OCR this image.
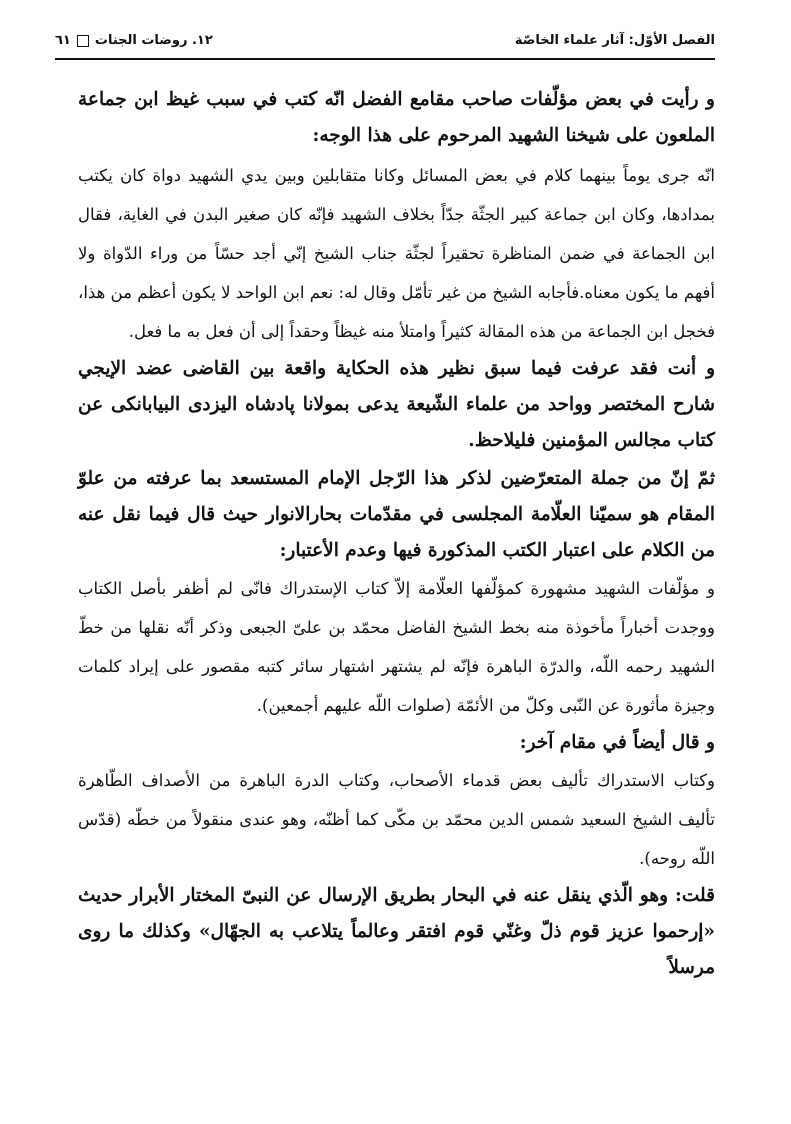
الفصل الأوّل: آثار علماء الخاصّة
١٢. روضات الجنات٦١

و رأيت في بعض مؤلّفات صاحب مقامع الفضل انّه كتب في سبب غيظ ابن جماعة الملعون على شيخنا الشهيد المرحوم على هذا الوجه:

انّه جرى يوماً بينهما كلام في بعض المسائل وكانا متقابلين وبين يدي الشهيد دواة كان يكتب بمدادها، وكان ابن جماعة كبير الجثّة جدّاً بخلاف الشهيد فإنّه كان صغير البدن في الغاية، فقال ابن الجماعة في ضمن المناظرة تحقيراً لجثّة جناب الشيخ إنّي أجد حسّاً من وراء الدّواة ولا أفهم ما يكون معناه.فأجابه الشيخ من غير تأمّل وقال له: نعم ابن الواحد لا يكون أعظم من هذا، فخجل ابن الجماعة من هذه المقالة كثيراً وامتلأ منه غيظاً وحقداً إلى أن فعل به ما فعل.

و أنت فقد عرفت فيما سبق نظير هذه الحكاية واقعة بين القاضى عضد الإيجي شارح المختصر وواحد من علماء الشّيعة يدعى بمولانا پادشاه اليزدى البيابانكى عن كتاب مجالس المؤمنين فليلاحظ.

ثمّ إنّ من جملة المتعرّضين لذكر هذا الرّجل الإمام المستسعد بما عرفته من علوّ المقام هو سميّنا العلّامة المجلسى في مقدّمات بحارالانوار حيث قال فيما نقل عنه من الكلام على اعتبار الكتب المذكورة فيها وعدم الأعتبار:

و مؤلّفات الشهيد مشهورة كمؤلّفها العلّامة إلاّ كتاب الإستدراك فانّى لم أظفر بأصل الكتاب ووجدت أخباراً مأخوذة منه بخط الشيخ الفاضل محمّد بن علىّ الجبعى وذكر أنّه نقلها من خطّ الشهيد رحمه اللّه، والدرّة الباهرة فإنّه لم يشتهر اشتهار سائر كتبه مقصور على إيراد كلمات وجيزة مأثورة عن النّبى وكلّ من الأئمّة (صلوات اللّه عليهم أجمعين).

و قال أيضاً في مقام آخر:

وكتاب الاستدراك تأليف بعض قدماء الأصحاب، وكتاب الدرة الباهرة من الأصداف الطّاهرة تأليف الشيخ السعيد شمس الدين محمّد بن مكّى كما أظنّه، وهو عندى منقولاً من خطّه (قدّس اللّه روحه).

قلت: وهو الّذي ينقل عنه في البحار بطريق الإرسال عن النبىّ المختار الأبرار حديث «إرحموا عزيز قوم ذلّ وغنّي قوم افتقر وعالماً يتلاعب به الجهّال» وكذلك ما روى مرسلاً
